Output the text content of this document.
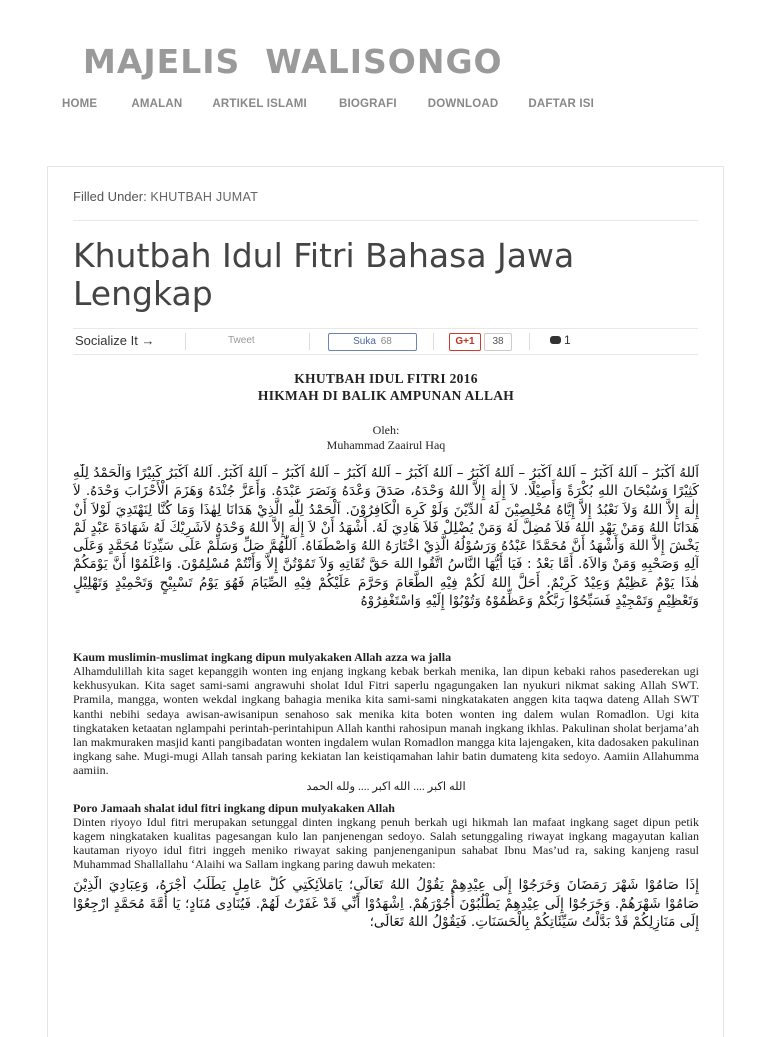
MAJELIS  WALISONGO
HOME	AMALAN	ARTIKEL ISLAMI	BIOGRAFI	DOWNLOAD	DAFTAR ISI
Filled Under: KHUTBAH JUMAT
Khutbah Idul Fitri Bahasa Jawa Lengkap
Socialize It →	Tweet	Suka 68	G+1	38	1
KHUTBAH IDUL FITRI 2016
HIKMAH DI BALIK AMPUNAN ALLAH
Oleh:
Muhammad Zaairul Haq
اَللهُ اَكْبَرُ – اَللهُ اَكْبَرُ – اَللهُ اَكْبَرُ – اَللهُ اَكْبَرُ – اَللهُ اَكْبَرُ – اَللهُ اَكْبَرُ – اَللهُ اَكْبَرُ – اَللهُ اَكْبَرُ. اَللهُ اَكْبَرُ كَبِيْرًا وَالْحَمْدُ لِلّٰهِ كَثِيْرًا وَسُبْحَانَ اللهِ بُكْرَةً وَأَصِيْلًا. لاَ إِلٰهَ إِلاَّ اللهُ وَحْدَهُ، صَدَقَ وَعْدَهُ وَنَصَرَ عَبْدَهُ. وَأَعَزَّ جُنْدَهُ وَهَزَمَ الْأَحْزَابَ وَحْدَهُ. لاَ إِلٰهَ إِلاَّ اللهُ وَلاَ نَعْبُدُ إِلاَّ إِيَّاهُ مُخْلِصِيْنَ لَهُ الدِّيْنَ وَلَوْ كَرِهَ الْكَافِرُوْنَ. اَلْحَمْدُ لِلّٰهِ الَّذِيْ هَدَانَا لِهٰذَا وَمَا كُنَّا لِنَهْتَدِيَ لَوْلاَ أَنْ هَدَانَا اللهُ وَمَنْ يَهْدِ اللهُ فَلاَ مُضِلَّ لَهُ وَمَنْ يُضْلِلْ فَلاَ هَادِيَ لَهُ. أَشْهَدُ أَنْ لاَ إِلٰهَ إِلاَّ اللهُ وَحْدَهُ لاَشَرِيْكَ لَهُ شَهَادَةَ عَبْدٍ لَمْ يَخْشَ إِلاَّ اللهَ وَأَشْهَدُ أَنَّ مُحَمَّدًا عَبْدُهُ وَرَسُوْلُهُ الَّذِيْ اخْتَارَهُ اللهُ وَاصْطَفَاهُ. اَللّٰهُمَّ صَلِّ وَسَلِّمْ عَلَى سَيِّدِنَا مُحَمَّدٍ وَعَلَى آلِهِ وَصَحْبِهِ وَمَنْ وَالاَهُ. أَمَّا بَعْدُ : فَيَا أَيُّهَا النَّاسُ اتَّقُوا اللهَ حَقَّ تُقَاتِهِ وَلاَ تَمُوْتُنَّ إِلاَّ وَأَنْتُمْ مُسْلِمُوْنَ. وَاعْلَمُوْا أَنَّ يَوْمَكُمْ هٰذَا يَوْمٌ عَظِيْمٌ وَعِيْدٌ كَرِيْمٌ. أَحَلَّ اللهُ لَكُمْ فِيْهِ الطَّعَامَ وَحَرَّمَ عَلَيْكُمْ فِيْهِ الصِّيَامَ فَهُوَ يَوْمُ تَسْبِيْحٍ وَتَحْمِيْدٍ وَتَهْلِيْلٍ وَتَعْظِيْمٍ وَتَمْجِيْدٍ فَسَبِّحُوْا رَبَّكُمْ وَعَظِّمُوْهُ وَتُوْبُوْا إِلَيْهِ وَاسْتَغْفِرُوْهُ
Kaum muslimin-muslimat ingkang dipun mulyakaken Allah azza wa jalla
Alhamdulillah kita saget kepanggih wonten ing enjang ingkang kebak berkah menika, lan dipun kebaki rahos pasederekan ugi kekhusyukan. Kita saget sami-sami angrawuhi sholat Idul Fitri saperlu ngagungaken lan nyukuri nikmat saking Allah SWT. Pramila, mangga, wonten wekdal ingkang bahagia menika kita sami-sami ningkatakaten anggen kita taqwa dateng Allah SWT kanthi nebihi sedaya awisan-awisanipun senahoso sak menika kita boten wonten ing dalem wulan Romadlon. Ugi kita tingkataken ketaatan nglampahi perintah-perintahipun Allah kanthi rahosipun manah ingkang ikhlas. Pakulinan sholat berjama’ah lan makmuraken masjid kanti pangibadatan wonten ingdalem wulan Romadlon mangga kita lajengaken, kita dadosaken pakulinan ingkang sahe. Mugi-mugi Allah tansah paring kekiatan lan keistiqamahan lahir batin dumateng kita sedoyo. Aamiin Allahumma aamiin.
الله اكبر .... الله اكبر .... ولله الحمد
Poro Jamaah shalat idul fitri ingkang dipun mulyakaken Allah
Dinten riyoyo Idul fitri merupakan setunggal dinten ingkang penuh berkah ugi hikmah lan mafaat ingkang saget dipun petik kagem ningkataken kualitas pagesangan kulo lan panjenengan sedoyo. Salah setunggaling riwayat ingkang magayutan kalian kautaman riyoyo idul fitri inggeh meniko riwayat saking panjenenganipun sahabat Ibnu Mas’ud ra, saking kanjeng rasul Muhammad Shallallahu ‘Alaihi wa Sallam ingkang paring dawuh mekaten:
إِذَا صَامُوْا شَهْرَ رَمَضَانَ وَخَرَجُوْا إِلَى عِيْدِهِمْ يَقُوْلُ اللهُ تَعَالَى؛ يَامَلاَئِكَتِي كُلُّ عَامِلٍ يَطْلُبُ أَجْرَهُ، وَعِبَادِيَ الَّذِيْنَ صَامُوْا شَهْرَهُمْ. وَخَرَجُوْا إِلَى عِيْدِهِمْ يَطْلُبُوْنَ أُجُوْرَهُمْ. اِشْهَدُوْا أَنِّي قَدْ غَفَرْتُ لَهُمْ. فَيُنَادِى مُنَادٍ؛ يَا أُمَّةَ مُحَمَّدٍ ارْجِعُوْا إِلَى مَنَازِلِكُمْ قَدْ بَدَّلْتُ سَيِّئَاتِكُمْ بِالْحَسَنَاتِ. فَيَقُوْلُ اللهُ تَعَالَى؛
